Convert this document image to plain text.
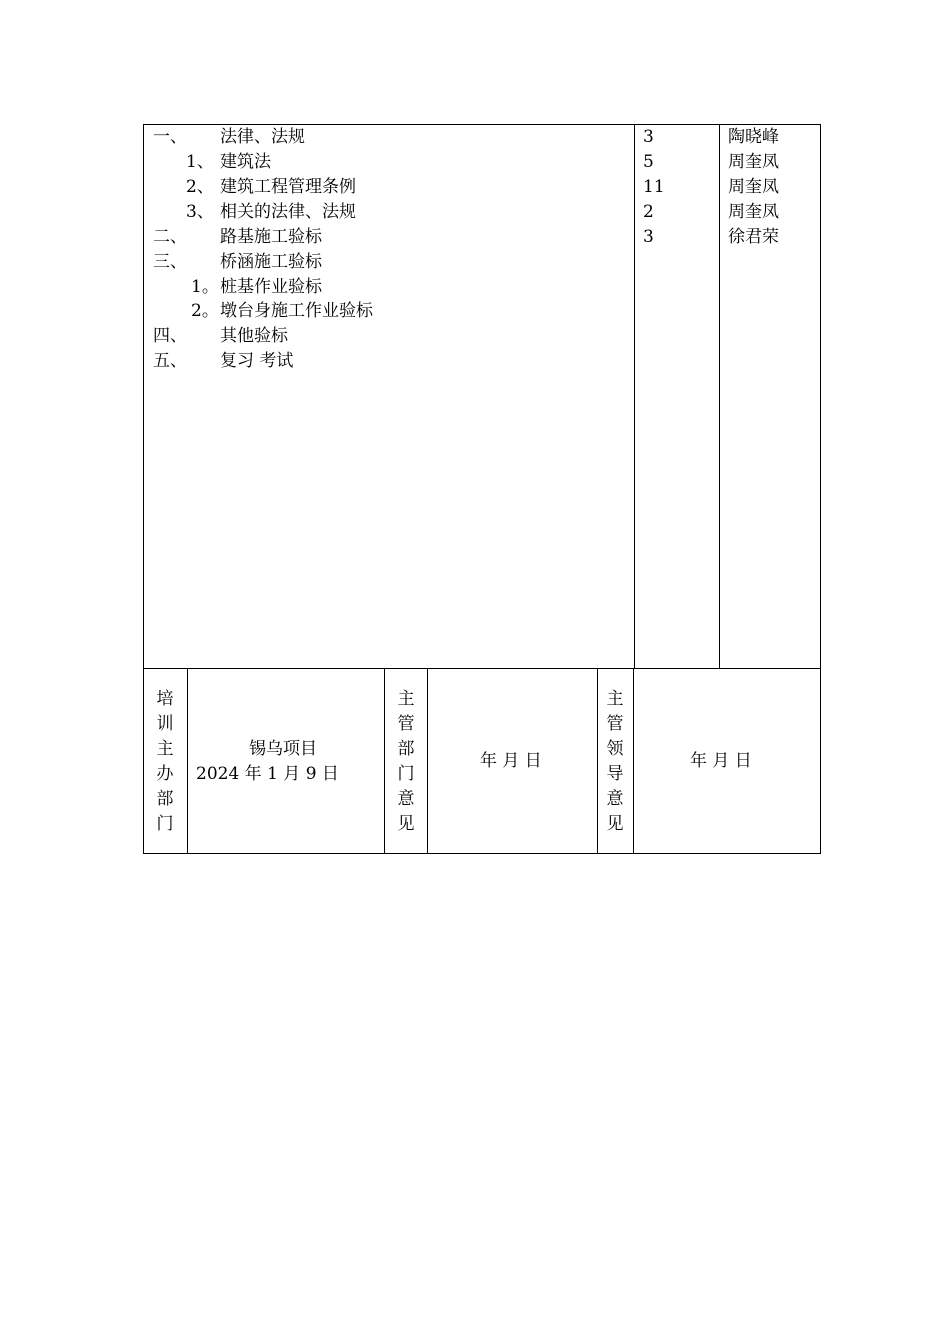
一、 法律、法规
1、 建筑法
2、 建筑工程管理条例
3、 相关的法律、法规
二、 路基施工验标
三、 桥涵施工验标
1。 桩基作业验标
2。 墩台身施工作业验标
四、 其他验标
五、 复习 考试
3
5
11
2
3
陶晓峰
周奎凤
周奎凤
周奎凤
徐君荣
培训主办部门
锡乌项目
2024 年 1 月 9 日
主管部门意见
年 月 日
主管领导意见
年 月 日
